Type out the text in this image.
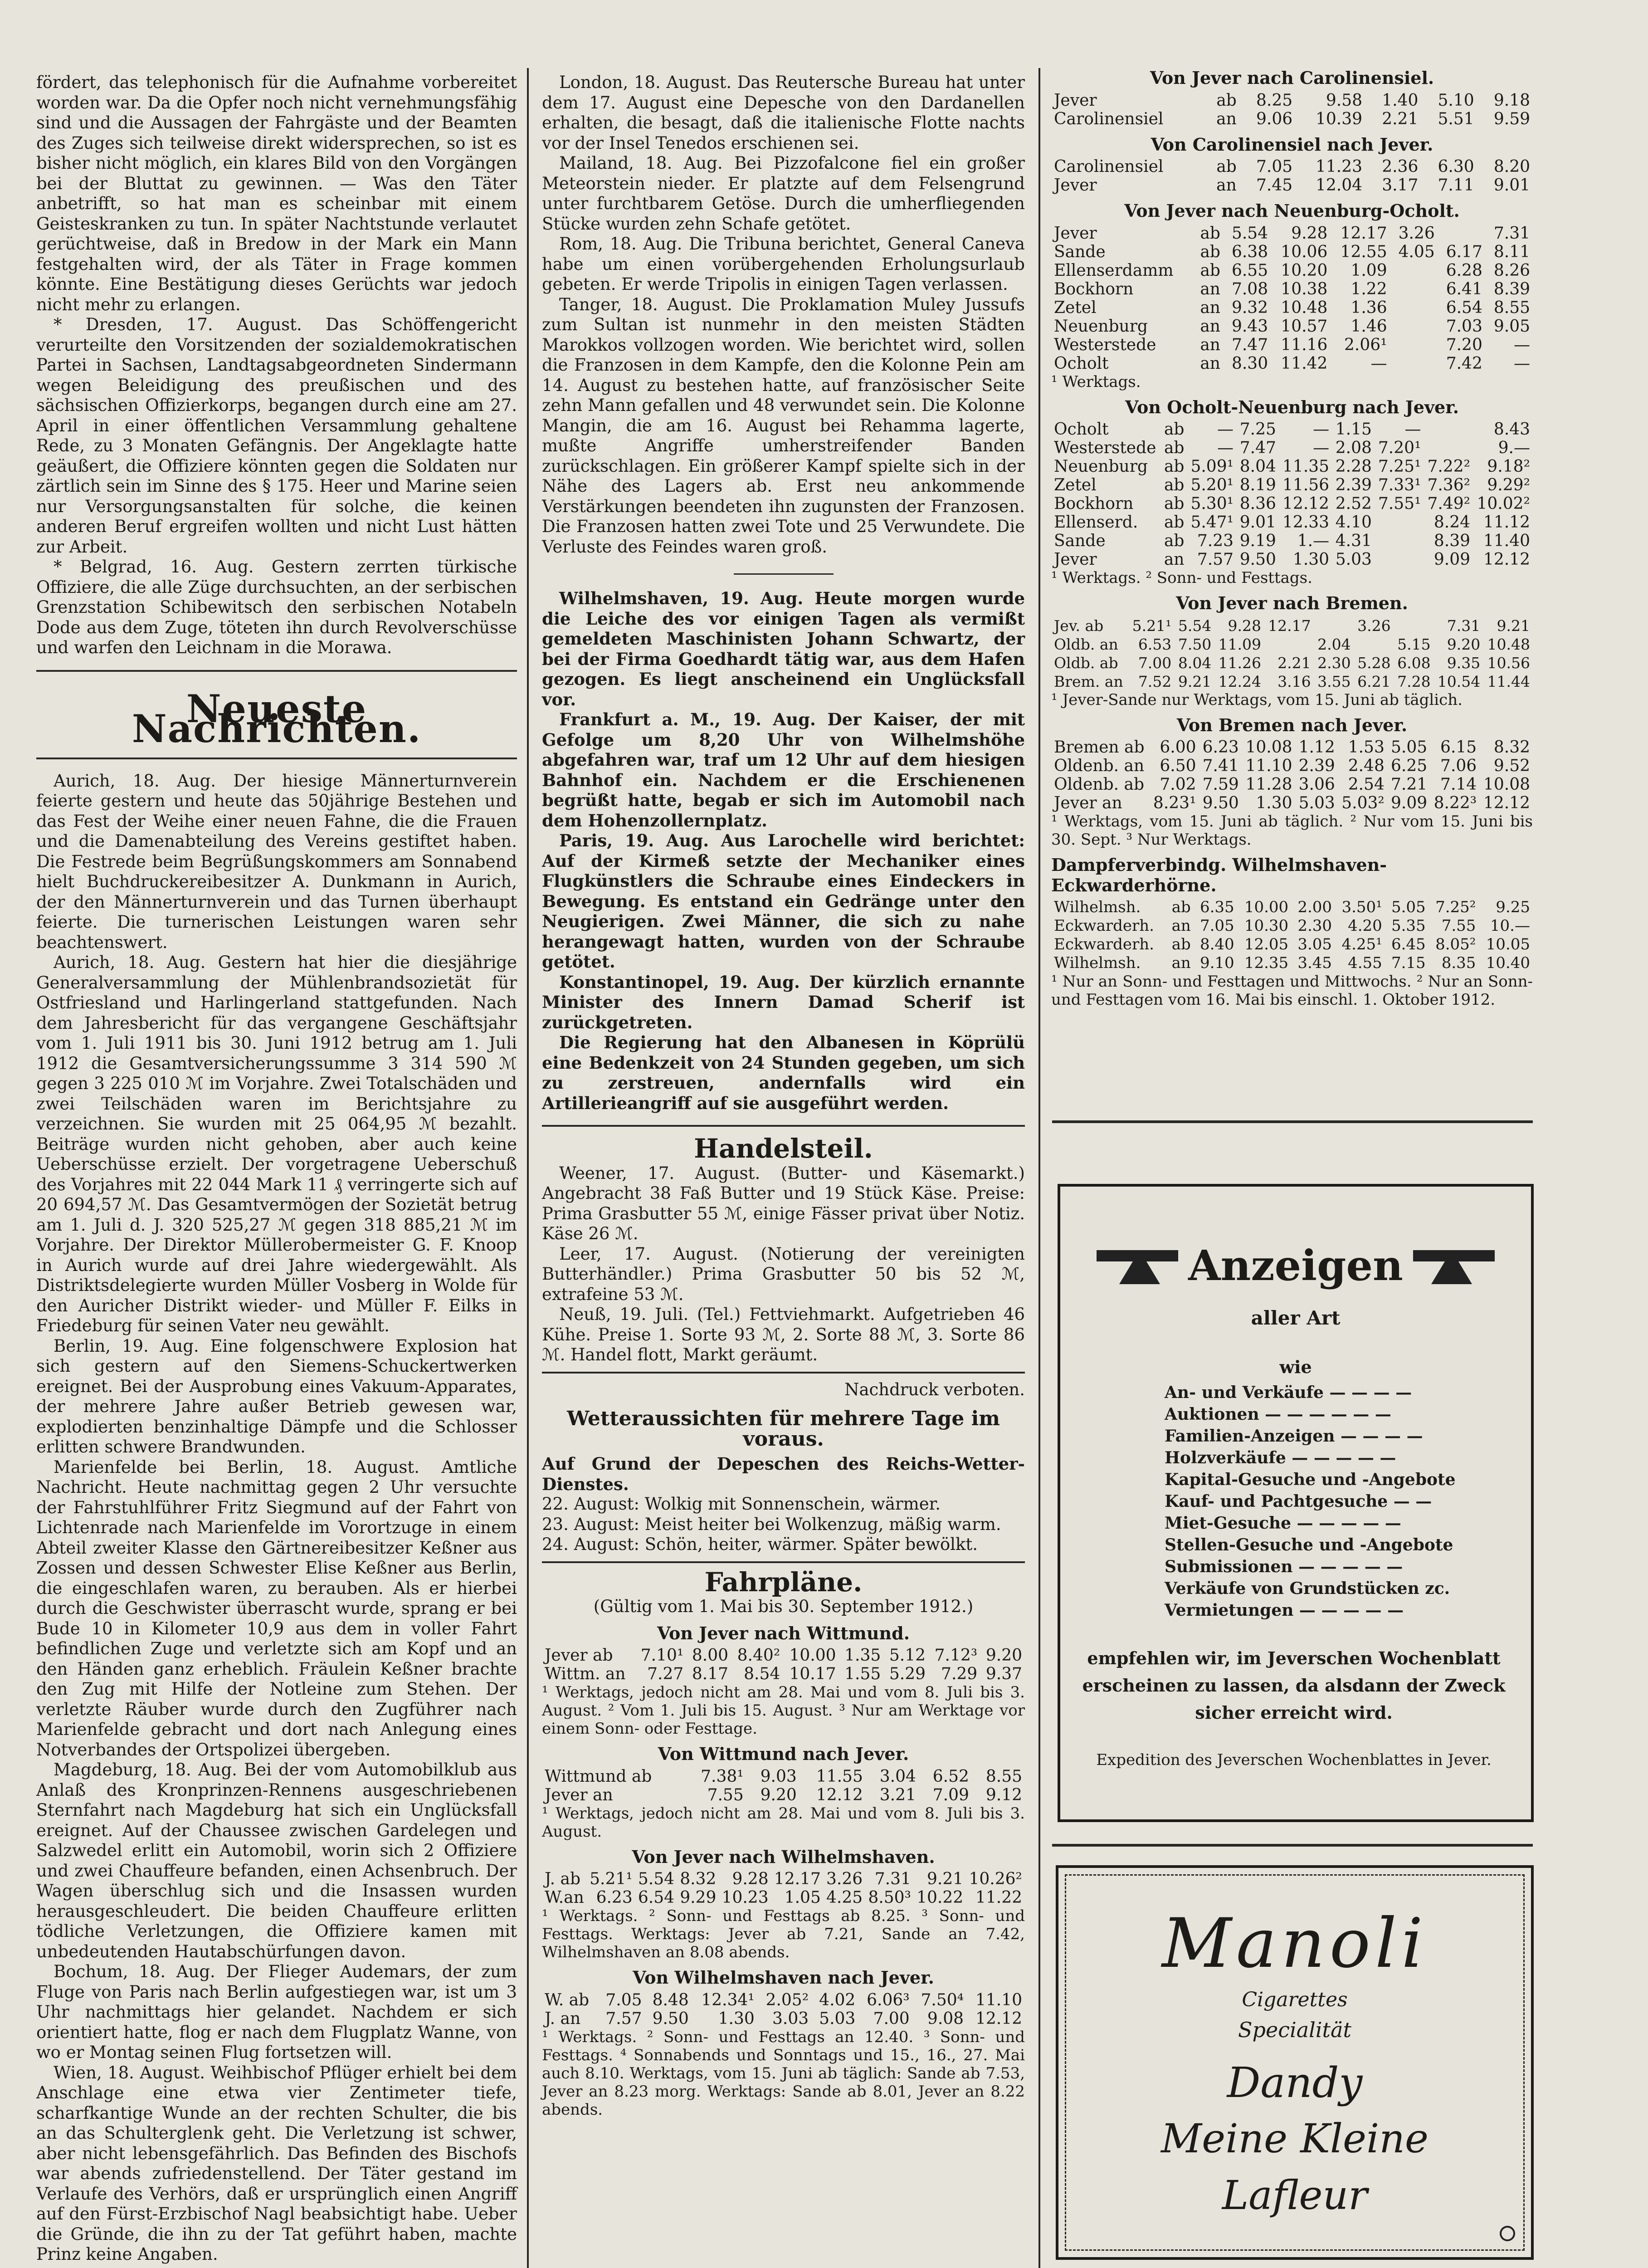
fördert, das telephonisch für die Aufnahme vorbereitet worden war. Da die Opfer noch nicht vernehmungsfähig sind und die Aussagen der Fahrgäste und der Beamten des Zuges sich teilweise direkt widersprechen, so ist es bisher nicht möglich, ein klares Bild von den Vorgängen bei der Bluttat zu gewinnen. — Was den Täter anbetrifft, so hat man es scheinbar mit einem Geisteskranken zu tun. In später Nachtstunde verlautet gerüchtweise, daß in Bredow in der Mark ein Mann festgehalten wird, der als Täter in Frage kommen könnte. Eine Bestätigung dieses Gerüchts war jedoch nicht mehr zu erlangen.

* Dresden, 17. August. Das Schöffengericht verurteilte den Vorsitzenden der sozialdemokratischen Partei in Sachsen, Landtagsabgeordneten Sindermann wegen Beleidigung des preußischen und des sächsischen Offizierkorps, begangen durch eine am 27. April in einer öffentlichen Versammlung gehaltene Rede, zu 3 Monaten Gefängnis. Der Angeklagte hatte geäußert, die Offiziere könnten gegen die Soldaten nur zärtlich sein im Sinne des § 175. Heer und Marine seien nur Versorgungsanstalten für solche, die keinen anderen Beruf ergreifen wollten und nicht Lust hätten zur Arbeit.

* Belgrad, 16. Aug. Gestern zerrten türkische Offiziere, die alle Züge durchsuchten, an der serbischen Grenzstation Schibewitsch den serbischen Notabeln Dode aus dem Zuge, töteten ihn durch Revolverschüsse und warfen den Leichnam in die Morawa.

Neueste Nachrichten.

Aurich, 18. Aug. Der hiesige Männerturnverein feierte gestern und heute das 50jährige Bestehen und das Fest der Weihe einer neuen Fahne, die die Frauen und die Damenabteilung des Vereins gestiftet haben. Die Festrede beim Begrüßungskommers am Sonnabend hielt Buchdruckereibesitzer A. Dunkmann in Aurich, der den Männerturnverein und das Turnen überhaupt feierte. Die turnerischen Leistungen waren sehr beachtenswert.

Aurich, 18. Aug. Gestern hat hier die diesjährige Generalversammlung der Mühlenbrandsozietät für Ostfriesland und Harlingerland stattgefunden. Nach dem Jahresbericht für das vergangene Geschäftsjahr vom 1. Juli 1911 bis 30. Juni 1912 betrug am 1. Juli 1912 die Gesamtversicherungssumme 3 314 590 ℳ gegen 3 225 010 ℳ im Vorjahre. Zwei Totalschäden und zwei Teilschäden waren im Berichtsjahre zu verzeichnen. Sie wurden mit 25 064,95 ℳ bezahlt. Beiträge wurden nicht gehoben, aber auch keine Ueberschüsse erzielt. Der vorgetragene Ueberschuß des Vorjahres mit 22 044 Mark 11 ₰ verringerte sich auf 20 694,57 ℳ. Das Gesamtvermögen der Sozietät betrug am 1. Juli d. J. 320 525,27 ℳ gegen 318 885,21 ℳ im Vorjahre. Der Direktor Müllerobermeister G. F. Knoop in Aurich wurde auf drei Jahre wiedergewählt. Als Distriktsdelegierte wurden Müller Vosberg in Wolde für den Auricher Distrikt wieder- und Müller F. Eilks in Friedeburg für seinen Vater neu gewählt.

Berlin, 19. Aug. Eine folgenschwere Explosion hat sich gestern auf den Siemens-Schuckertwerken ereignet. Bei der Ausprobung eines Vakuum-Apparates, der mehrere Jahre außer Betrieb gewesen war, explodierten benzinhaltige Dämpfe und die Schlosser erlitten schwere Brandwunden.

Marienfelde bei Berlin, 18. August. Amtliche Nachricht. Heute nachmittag gegen 2 Uhr versuchte der Fahrstuhlführer Fritz Siegmund auf der Fahrt von Lichtenrade nach Marienfelde im Vorortzuge in einem Abteil zweiter Klasse den Gärtnereibesitzer Keßner aus Zossen und dessen Schwester Elise Keßner aus Berlin, die eingeschlafen waren, zu berauben. Als er hierbei durch die Geschwister überrascht wurde, sprang er bei Bude 10 in Kilometer 10,9 aus dem in voller Fahrt befindlichen Zuge und verletzte sich am Kopf und an den Händen ganz erheblich. Fräulein Keßner brachte den Zug mit Hilfe der Notleine zum Stehen. Der verletzte Räuber wurde durch den Zugführer nach Marienfelde gebracht und dort nach Anlegung eines Notverbandes der Ortspolizei übergeben.

Magdeburg, 18. Aug. Bei der vom Automobilklub aus Anlaß des Kronprinzen-Rennens ausgeschriebenen Sternfahrt nach Magdeburg hat sich ein Unglücksfall ereignet. Auf der Chaussee zwischen Gardelegen und Salzwedel erlitt ein Automobil, worin sich 2 Offiziere und zwei Chauffeure befanden, einen Achsenbruch. Der Wagen überschlug sich und die Insassen wurden herausgeschleudert. Die beiden Chauffeure erlitten tödliche Verletzungen, die Offiziere kamen mit unbedeutenden Hautabschürfungen davon.

Bochum, 18. Aug. Der Flieger Audemars, der zum Fluge von Paris nach Berlin aufgestiegen war, ist um 3 Uhr nachmittags hier gelandet. Nachdem er sich orientiert hatte, flog er nach dem Flugplatz Wanne, von wo er Montag seinen Flug fortsetzen will.

Wien, 18. August. Weihbischof Pflüger erhielt bei dem Anschlage eine etwa vier Zentimeter tiefe, scharfkantige Wunde an der rechten Schulter, die bis an das Schulterglenk geht. Die Verletzung ist schwer, aber nicht lebensgefährlich. Das Befinden des Bischofs war abends zufriedenstellend. Der Täter gestand im Verlaufe des Verhörs, daß er ursprünglich einen Angriff auf den Fürst-Erzbischof Nagl beabsichtigt habe. Ueber die Gründe, die ihn zu der Tat geführt haben, machte Prinz keine Angaben.

London, 18. August. Das Reutersche Bureau hat unter dem 17. August eine Depesche von den Dardanellen erhalten, die besagt, daß die italienische Flotte nachts vor der Insel Tenedos erschienen sei.

Mailand, 18. Aug. Bei Pizzofalcone fiel ein großer Meteorstein nieder. Er platzte auf dem Felsengrund unter furchtbarem Getöse. Durch die umherfliegenden Stücke wurden zehn Schafe getötet.

Rom, 18. Aug. Die Tribuna berichtet, General Caneva habe um einen vorübergehenden Erholungsurlaub gebeten. Er werde Tripolis in einigen Tagen verlassen.

Tanger, 18. August. Die Proklamation Muley Jussufs zum Sultan ist nunmehr in den meisten Städten Marokkos vollzogen worden. Wie berichtet wird, sollen die Franzosen in dem Kampfe, den die Kolonne Pein am 14. August zu bestehen hatte, auf französischer Seite zehn Mann gefallen und 48 verwundet sein. Die Kolonne Mangin, die am 16. August bei Rehamma lagerte, mußte Angriffe umherstreifender Banden zurückschlagen. Ein größerer Kampf spielte sich in der Nähe des Lagers ab. Erst neu ankommende Verstärkungen beendeten ihn zugunsten der Franzosen. Die Franzosen hatten zwei Tote und 25 Verwundete. Die Verluste des Feindes waren groß.

Wilhelmshaven, 19. Aug. Heute morgen wurde die Leiche des vor einigen Tagen als vermißt gemeldeten Maschinisten Johann Schwartz, der bei der Firma Goedhardt tätig war, aus dem Hafen gezogen. Es liegt anscheinend ein Unglücksfall vor.

Frankfurt a. M., 19. Aug. Der Kaiser, der mit Gefolge um 8,20 Uhr von Wilhelmshöhe abgefahren war, traf um 12 Uhr auf dem hiesigen Bahnhof ein. Nachdem er die Erschienenen begrüßt hatte, begab er sich im Automobil nach dem Hohenzollernplatz.

Paris, 19. Aug. Aus Larochelle wird berichtet: Auf der Kirmeß setzte der Mechaniker eines Flugkünstlers die Schraube eines Eindeckers in Bewegung. Es entstand ein Gedränge unter den Neugierigen. Zwei Männer, die sich zu nahe herangewagt hatten, wurden von der Schraube getötet.

Konstantinopel, 19. Aug. Der kürzlich ernannte Minister des Innern Damad Scherif ist zurückgetreten.

Die Regierung hat den Albanesen in Köprülü eine Bedenkzeit von 24 Stunden gegeben, um sich zu zerstreuen, andernfalls wird ein Artillerieangriff auf sie ausgeführt werden.

Handelsteil.

Weener, 17. August. (Butter- und Käsemarkt.) Angebracht 38 Faß Butter und 19 Stück Käse. Preise: Prima Grasbutter 55 ℳ, einige Fässer privat über Notiz. Käse 26 ℳ.

Leer, 17. August. (Notierung der vereinigten Butterhändler.) Prima Grasbutter 50 bis 52 ℳ, extrafeine 53 ℳ.

Neuß, 19. Juli. (Tel.) Fettviehmarkt. Aufgetrieben 46 Kühe. Preise 1. Sorte 93 ℳ, 2. Sorte 88 ℳ, 3. Sorte 86 ℳ. Handel flott, Markt geräumt.

Nachdruck verboten.

Wetteraussichten für mehrere Tage im voraus.

Auf Grund der Depeschen des Reichs-Wetter-Dienstes.

22. August: Wolkig mit Sonnenschein, wärmer.

23. August: Meist heiter bei Wolkenzug, mäßig warm.

24. August: Schön, heiter, wärmer. Später bewölkt.

Fahrpläne.

(Gültig vom 1. Mai bis 30. September 1912.)

Von Jever nach Wittmund.
Jever ab	7.10¹	8.00	8.40²	10.00	1.35	5.12	7.12³	9.20
Wittm. an	7.27	8.17	8.54	10.17	1.55	5.29	7.29	9.37

¹ Werktags, jedoch nicht am 28. Mai und vom 8. Juli bis 3. August. ² Vom 1. Juli bis 15. August. ³ Nur am Werktage vor einem Sonn- oder Festtage.

Von Wittmund nach Jever.
Wittmund ab	7.38¹	9.03	11.55	3.04	6.52	8.55
Jever an	7.55	9.20	12.12	3.21	7.09	9.12

¹ Werktags, jedoch nicht am 28. Mai und vom 8. Juli bis 3. August.

Von Jever nach Wilhelmshaven.
J. ab	5.21¹	5.54	8.32	9.28	12.17	3.26	7.31	9.21	10.26²
W.an	6.23	6.54	9.29	10.23	1.05	4.25	8.50³	10.22	11.22

¹ Werktags. ² Sonn- und Festtags ab 8.25. ³ Sonn- und Festtags. Werktags: Jever ab 7.21, Sande an 7.42, Wilhelmshaven an 8.08 abends.

Von Wilhelmshaven nach Jever.
W. ab	7.05	8.48	12.34¹	2.05²	4.02	6.06³	7.50⁴	11.10
J. an	7.57	9.50	1.30	3.03	5.03	7.00	9.08	12.12

¹ Werktags. ² Sonn- und Festtags an 12.40. ³ Sonn- und Festtags. ⁴ Sonnabends und Sonntags und 15., 16., 27. Mai auch 8.10. Werktags, vom 15. Juni ab täglich: Sande ab 7.53, Jever an 8.23 morg. Werktags: Sande ab 8.01, Jever an 8.22 abends.

Von Jever nach Carolinensiel.
Jever	ab	8.25	9.58	1.40	5.10	9.18
Carolinensiel	an	9.06	10.39	2.21	5.51	9.59
Von Carolinensiel nach Jever.
Carolinensiel	ab	7.05	11.23	2.36	6.30	8.20
Jever	an	7.45	12.04	3.17	7.11	9.01
Von Jever nach Neuenburg-Ocholt.
Jever	ab	5.54	9.28	12.17	3.26		7.31
Sande	ab	6.38	10.06	12.55	4.05	6.17	8.11
Ellenserdamm	ab	6.55	10.20	1.09		6.28	8.26
Bockhorn	an	7.08	10.38	1.22		6.41	8.39
Zetel	an	9.32	10.48	1.36		6.54	8.55
Neuenburg	an	9.43	10.57	1.46		7.03	9.05
Westerstede	an	7.47	11.16	2.06¹		7.20	—
Ocholt	an	8.30	11.42	—		7.42	—

¹ Werktags.

Von Ocholt-Neuenburg nach Jever.
Ocholt	ab	—	7.25	—	1.15	—		8.43
Westerstede	ab	—	7.47	—	2.08	7.20¹		9.—
Neuenburg	ab	5.09¹	8.04	11.35	2.28	7.25¹	7.22²	9.18²
Zetel	ab	5.20¹	8.19	11.56	2.39	7.33¹	7.36²	9.29²
Bockhorn	ab	5.30¹	8.36	12.12	2.52	7.55¹	7.49²	10.02²
Ellenserd.	ab	5.47¹	9.01	12.33	4.10		8.24	11.12
Sande	ab	7.23	9.19	1.—	4.31		8.39	11.40
Jever	an	7.57	9.50	1.30	5.03		9.09	12.12

¹ Werktags. ² Sonn- und Festtags.

Von Jever nach Bremen.
Jev. ab	5.21¹	5.54	9.28	12.17		3.26		7.31	9.21
Oldb. an	6.53	7.50	11.09		2.04		5.15	9.20	10.48
Oldb. ab	7.00	8.04	11.26	2.21	2.30	5.28	6.08	9.35	10.56
Brem. an	7.52	9.21	12.24	3.16	3.55	6.21	7.28	10.54	11.44

¹ Jever-Sande nur Werktags, vom 15. Juni ab täglich.

Von Bremen nach Jever.
Bremen ab	6.00	6.23	10.08	1.12	1.53	5.05	6.15	8.32
Oldenb. an	6.50	7.41	11.10	2.39	2.48	6.25	7.06	9.52
Oldenb. ab	7.02	7.59	11.28	3.06	2.54	7.21	7.14	10.08
Jever an	8.23¹	9.50	1.30	5.03	5.03²	9.09	8.22³	12.12

¹ Werktags, vom 15. Juni ab täglich. ² Nur vom 15. Juni bis 30. Sept. ³ Nur Werktags.

Dampferverbindg. Wilhelmshaven-Eckwarderhörne.
Wilhelmsh.	ab	6.35	10.00	2.00	3.50¹	5.05	7.25²	9.25
Eckwarderh.	an	7.05	10.30	2.30	4.20	5.35	7.55	10.—
Eckwarderh.	ab	8.40	12.05	3.05	4.25¹	6.45	8.05²	10.05
Wilhelmsh.	an	9.10	12.35	3.45	4.55	7.15	8.35	10.40

¹ Nur an Sonn- und Festtagen und Mittwochs. ² Nur an Sonn- und Festtagen vom 16. Mai bis einschl. 1. Oktober 1912.

Anzeigen
aller Art
wie
An- und Verkäufe — — — —
Auktionen — — — — — —
Familien-Anzeigen — — — —
Holzverkäufe — — — — —
Kapital-Gesuche und -Angebote
Kauf- und Pachtgesuche — —
Miet-Gesuche — — — — —
Stellen-Gesuche und -Angebote
Submissionen — — — — —
Verkäufe von Grundstücken zc.
Vermietungen — — — — —
empfehlen wir, im Jeverschen Wochenblatt erscheinen zu lassen, da alsdann der Zweck sicher erreicht wird.
Expedition des Jeverschen Wochenblattes in Jever.
Manoli
Cigarettes
Specialität
Dandy
Meine Kleine
Lafleur
